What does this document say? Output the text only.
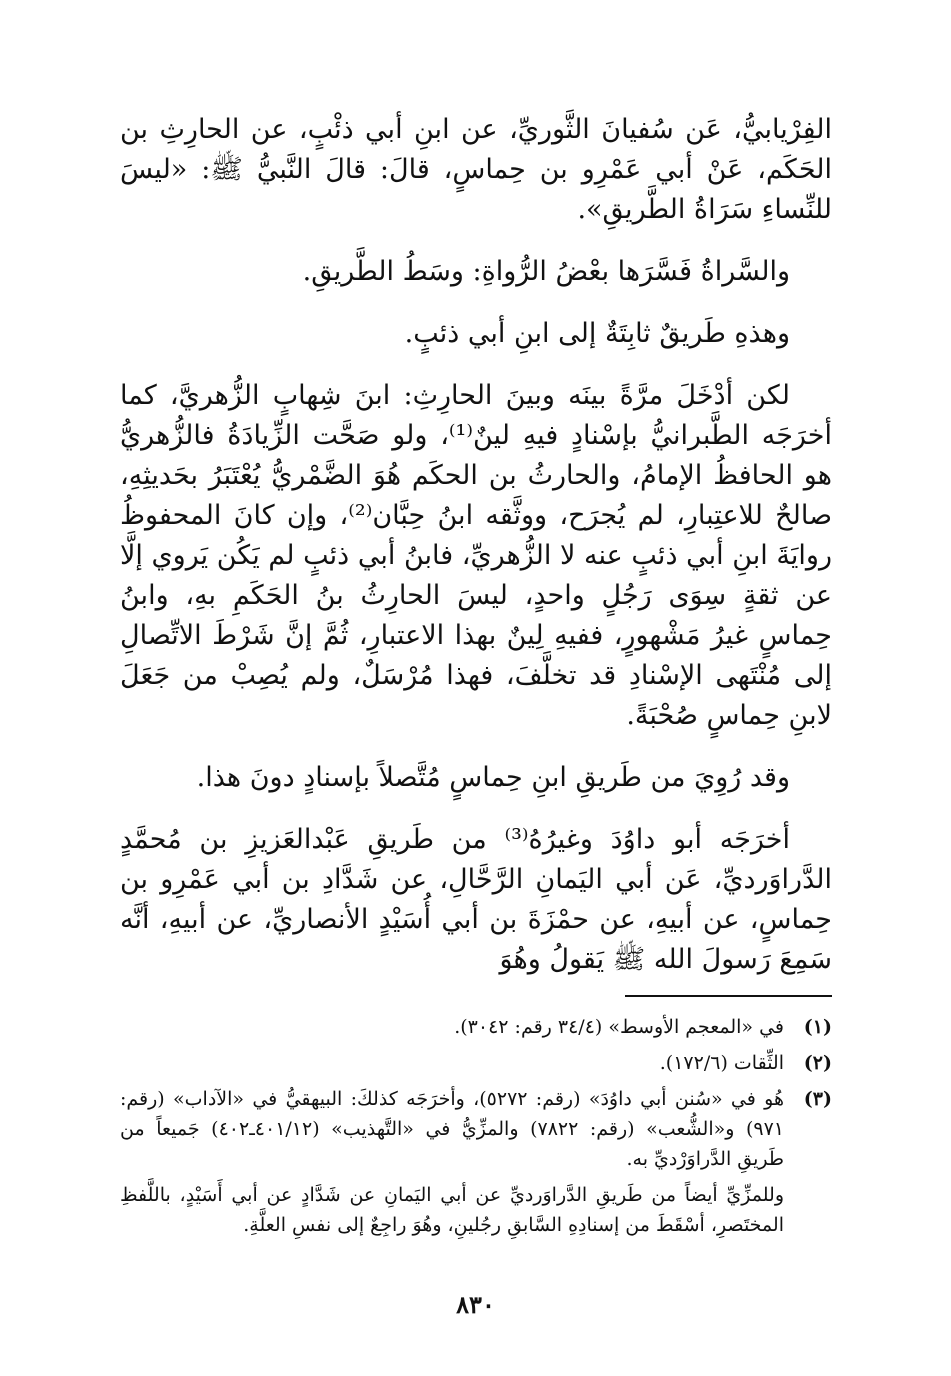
الفِرْيابيُّ، عَن سُفيانَ الثَّوريِّ، عن ابنِ أبي ذئْبٍ، عن الحارِثِ بن الحَكَم، عَنْ أبي عَمْرِو بن حِماسٍ، قالَ: قالَ النَّبيُّ ﷺ: «ليسَ للنِّساءِ سَرَاةُ الطَّريقِ».

والسَّراةُ فَسَّرَها بعْضُ الرُّواةِ: وسَطُ الطَّريقِ.

وهذهِ طَريقٌ ثابِتَةٌ إلى ابنِ أبي ذئبٍ.

لكن أدْخَلَ مرَّةً بينَه وبينَ الحارِثِ: ابنَ شِهابٍ الزُّهريَّ، كما أخرَجَه الطَّبرانيُّ بإسْنادٍ فيهِ لينٌ⁽¹⁾، ولو صَحَّت الزِّيادَةُ فالزُّهريُّ هو الحافظُ الإمامُ، والحارثُ بن الحكَم هُوَ الضَّمْريُّ يُعْتَبَرُ بحَديثِهِ، صالحٌ للاعتِبارِ، لم يُجرَح، ووثَّقه ابنُ حِبَّان⁽²⁾، وإن كانَ المحفوظُ روايَةَ ابنِ أبي ذئبٍ عنه لا الزُّهريِّ، فابنُ أبي ذئبٍ لم يَكُن يَروي إلَّا عن ثقةٍ سِوَى رَجُلٍ واحدٍ، ليسَ الحارِثُ بنُ الحَكَمِ بهِ، وابنُ حِماسٍ غيرُ مَشْهورٍ، ففيهِ لِينٌ بهذا الاعتبارِ، ثُمَّ إنَّ شَرْطَ الاتِّصالِ إلى مُنْتَهى الإسْنادِ قد تخلَّفَ، فهذا مُرْسَلٌ، ولم يُصِبْ من جَعَلَ لابنِ حِماسٍ صُحْبَةً.

وقد رُوِيَ من طَريقِ ابنِ حِماسٍ مُتَّصلاً بإسنادٍ دونَ هذا.

أخرَجَه أبو داوُدَ وغيرُهُ⁽³⁾ من طَريقِ عَبْدالعَزيزِ بن مُحمَّدٍ الدَّراوَرديِّ، عَن أبي اليَمانِ الرَّحَّالِ، عن شَدَّادِ بن أبي عَمْرِو بن حِماسٍ، عن أبيهِ، عن حمْزَةَ بن أبي أُسَيْدٍ الأنصاريِّ، عن أبيهِ، أنَّه سَمِعَ رَسولَ الله ﷺ يَقولُ وهُوَ

(١)
في «المعجم الأوسط» (٣٤/٤ رقم: ٣٠٤٢).
(٢)
الثِّقات (١٧٢/٦).
(٣)
هُو في «سُنن أبي داوُدَ» (رقم: ٥٢٧٢)، وأخرَجَه كذلكَ: البيهقيُّ في «الآداب» (رقم: ٩٧١) و«الشُّعب» (رقم: ٧٨٢٢) والمزِّيُّ في «التَّهذيب» (٤٠١/١٢ـ٤٠٢) جَميعاً من طَريقِ الدَّراوَرْديِّ به.

وللمزِّيِّ أيضاً من طَريقِ الدَّراوَرديِّ عن أبي اليَمانِ عن شَدَّادٍ عن أبي أَسَيْدٍ، باللَّفظِ المختَصرِ، أسْقَطَ من إسنادِهِ السَّابقِ رجُلينِ، وهُوَ راجِعٌ إلى نفسِ العلَّةِ.

٨٣٠
